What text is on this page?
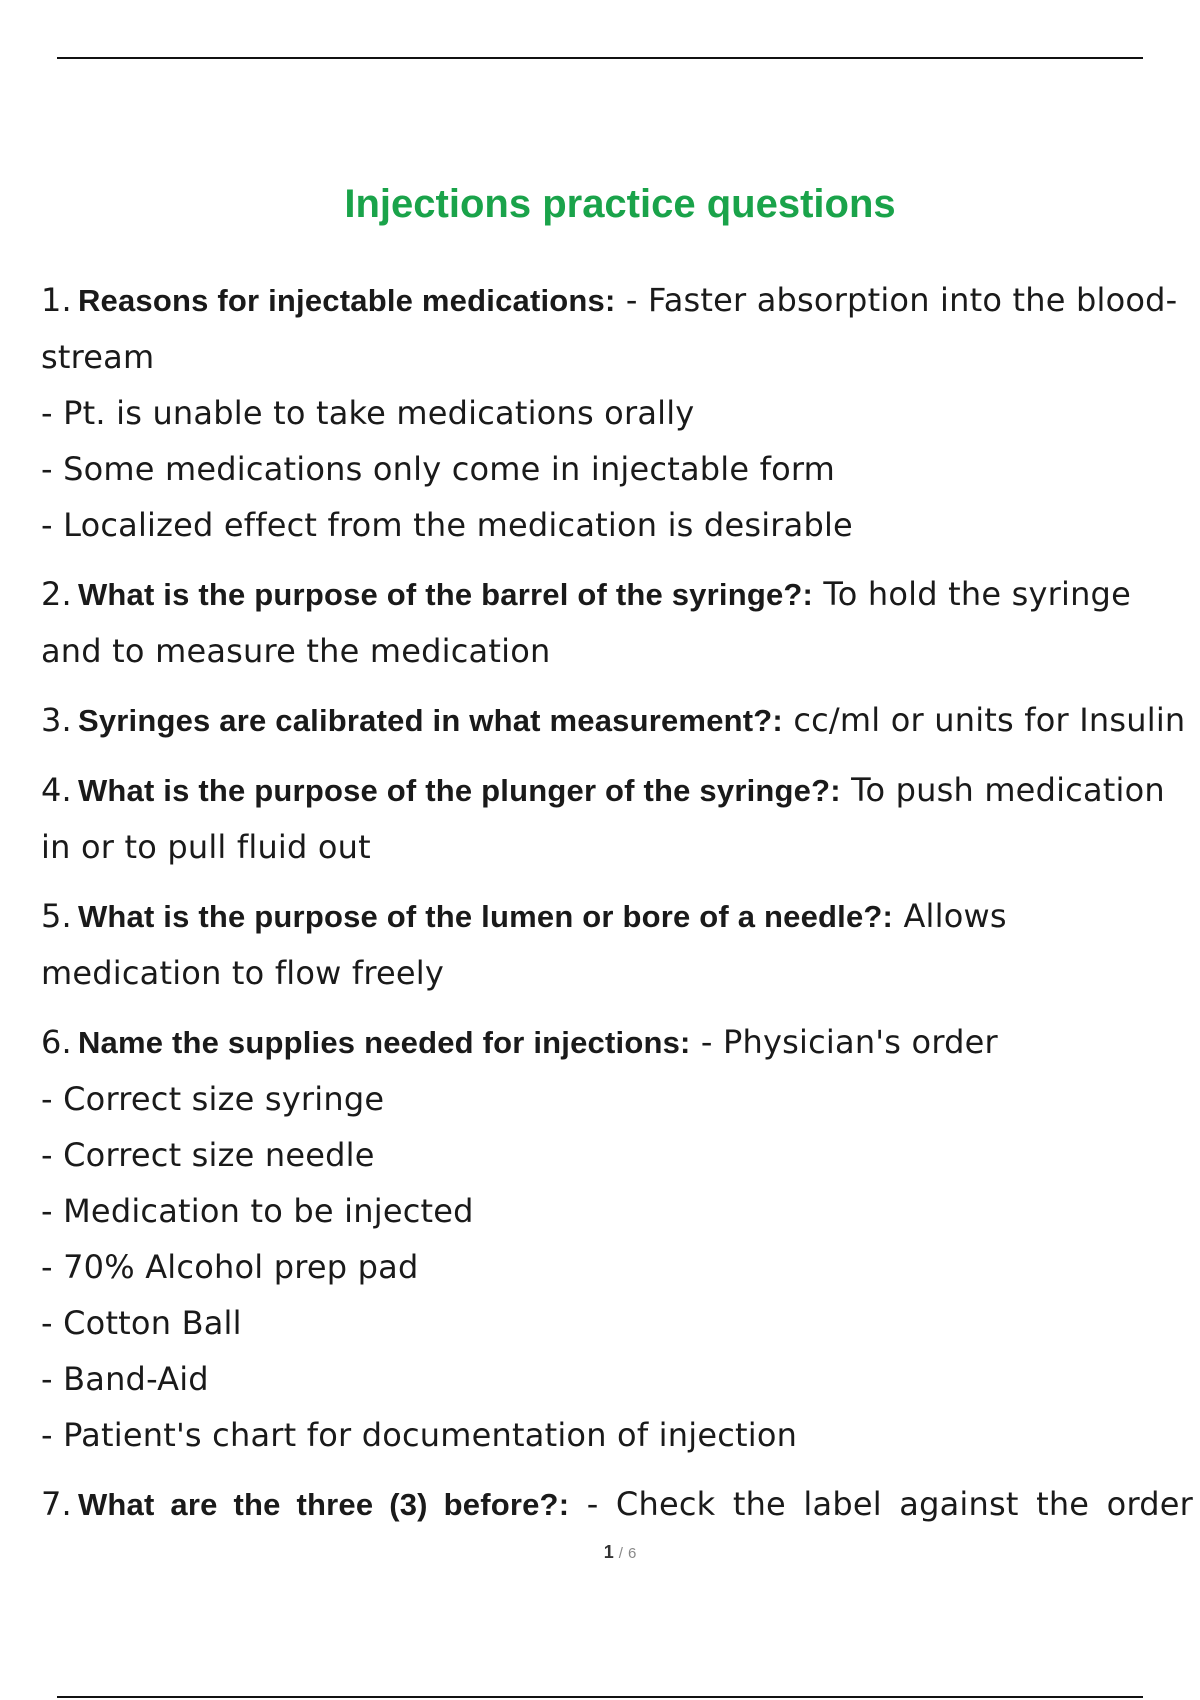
Injections practice questions

1. Reasons for injectable medications: - Faster absorption into the blood- stream

- Pt. is unable to take medications orally

- Some medications only come in injectable form

- Localized effect from the medication is desirable

2. What is the purpose of the barrel of the syringe?: To hold the syringe and to measure the medication

3. Syringes are calibrated in what measurement?: cc/ml or units for Insulin

4. What is the purpose of the plunger of the syringe?: To push medication in or to pull fluid out

5. What is the purpose of the lumen or bore of a needle?: Allows medication to flow freely

6. Name the supplies needed for injections: - Physician's order

- Correct size syringe

- Correct size needle

- Medication to be injected

- 70% Alcohol prep pad

- Cotton Ball

- Band-Aid

- Patient's chart for documentation of injection

7. What are the three (3) before?: - Check the label against the order

1 / 6
